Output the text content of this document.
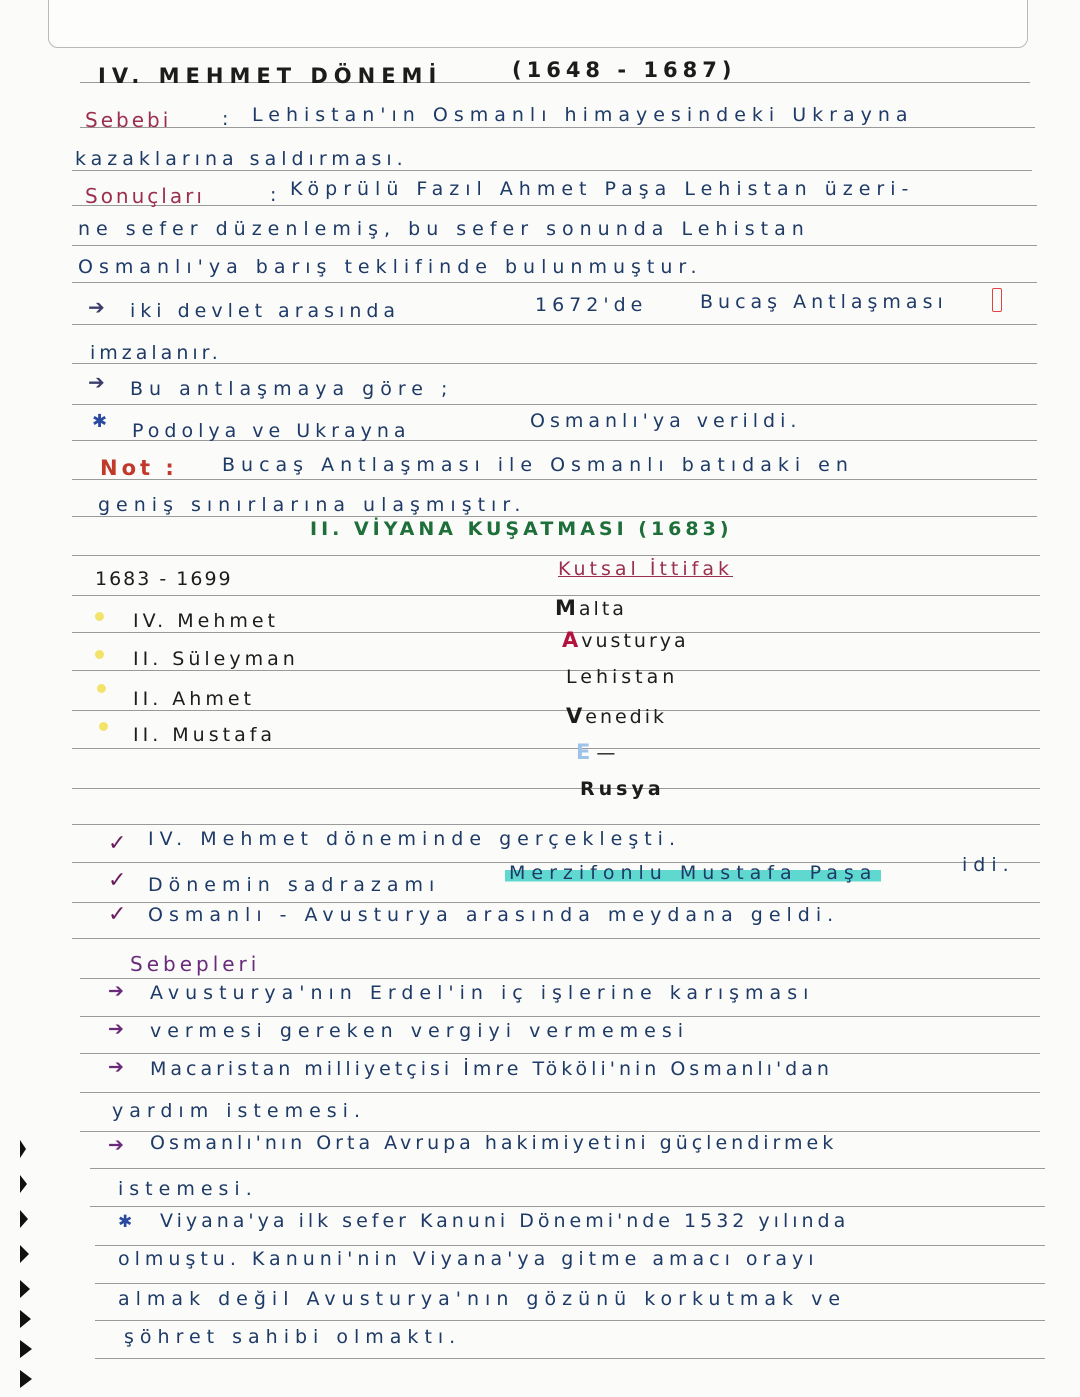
IV. MEHMET DÖNEMİ	(1648 - 1687)
Sebebi	: Lehistan'ın Osmanlı himayesindeki Ukrayna
kazaklarına saldırması.
Sonuçları	: Köprülü Fazıl Ahmet Paşa Lehistan üzeri-
ne sefer düzenlemiş, bu sefer sonunda Lehistan
Osmanlı'ya barış teklifinde bulunmuştur.
➔ iki devlet arasında	1672'de	Bucaş Antlaşması
imzalanır.
➔ Bu antlaşmaya göre ;
✱ Podolya ve Ukrayna	Osmanlı'ya verildi.
Not : Bucaş Antlaşması ile Osmanlı batıdaki en
geniş sınırlarına ulaşmıştır.
II. VİYANA KUŞATMASI (1683)
1683 - 1699
IV. Mehmet
II. Süleyman
II. Ahmet
II. Mustafa
Kutsal İttifak
Malta
Avusturya
Lehistan
Venedik
E—
Rusya
✓ IV. Mehmet döneminde gerçekleşti.
✓ Dönemin sadrazamı
Merzifonlu Mustafa Paşa	idi.
✓ Osmanlı - Avusturya arasında meydana geldi.
Sebepleri
➔ Avusturya'nın Erdel'in iç işlerine karışması
➔ vermesi gereken vergiyi vermemesi
➔ Macaristan milliyetçisi İmre Tököli'nin Osmanlı'dan
yardım istemesi.
➔ Osmanlı'nın Orta Avrupa hakimiyetini güçlendirmek
istemesi.
✱ Viyana'ya ilk sefer Kanuni Dönemi'nde 1532 yılında
olmuştu. Kanuni'nin Viyana'ya gitme amacı orayı
almak değil Avusturya'nın gözünü korkutmak ve
şöhret sahibi olmaktı.
